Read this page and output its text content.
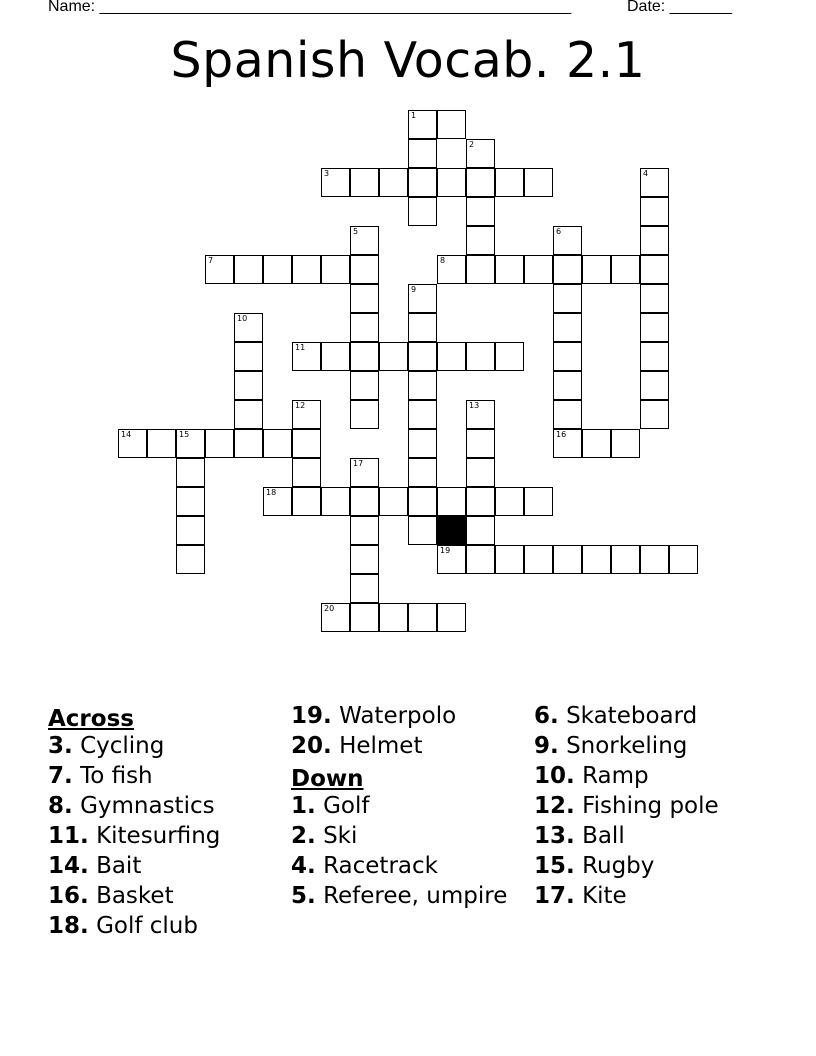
Name: _____________________________________________________	Date: _______
Spanish Vocab. 2.1
1
2
3	4
5	6
7	8
9
10
11
12	13
14	15	16
17
18
19
20
Across
3. Cycling
7. To fish
8. Gymnastics
11. Kitesurfing
14. Bait
16. Basket
18. Golf club
19. Waterpolo
20. Helmet
Down
1. Golf
2. Ski
4. Racetrack
5. Referee, umpire
6. Skateboard
9. Snorkeling
10. Ramp
12. Fishing pole
13. Ball
15. Rugby
17. Kite
